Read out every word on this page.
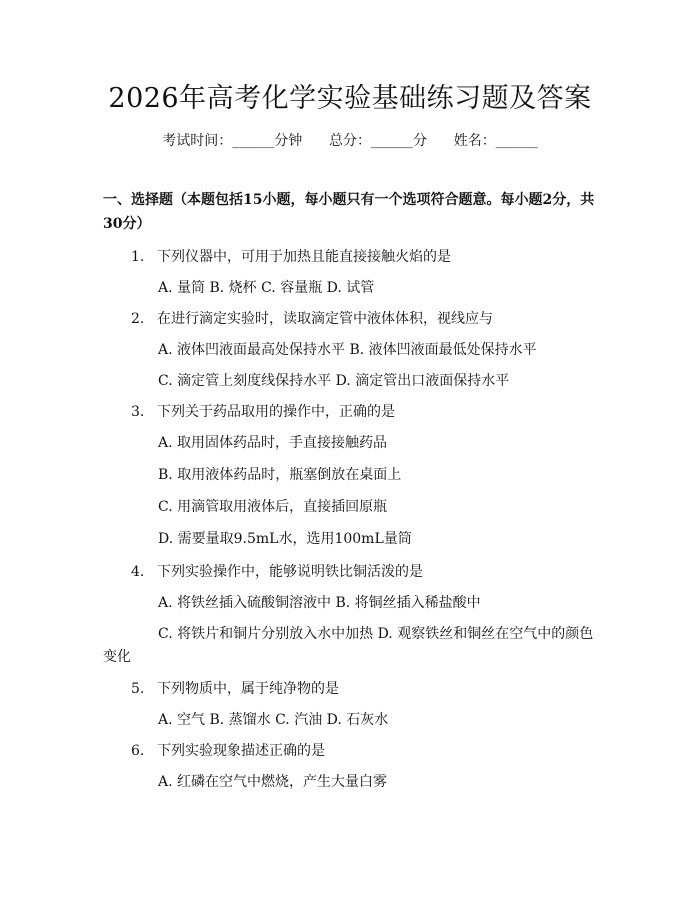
2026年高考化学实验基础练习题及答案
考试时间：______分钟      总分：______分      姓名：______
一、选择题（本题包括15小题，每小题只有一个选项符合题意。每小题2分，共30分）
1. 下列仪器中，可用于加热且能直接接触火焰的是
A. 量筒 B. 烧杯 C. 容量瓶 D. 试管
2. 在进行滴定实验时，读取滴定管中液体体积，视线应与
A. 液体凹液面最高处保持水平 B. 液体凹液面最低处保持水平
C. 滴定管上刻度线保持水平 D. 滴定管出口液面保持水平
3. 下列关于药品取用的操作中，正确的是
A. 取用固体药品时，手直接接触药品
B. 取用液体药品时，瓶塞倒放在桌面上
C. 用滴管取用液体后，直接插回原瓶
D. 需要量取9.5mL水，选用100mL量筒
4. 下列实验操作中，能够说明铁比铜活泼的是
A. 将铁丝插入硫酸铜溶液中 B. 将铜丝插入稀盐酸中
C. 将铁片和铜片分别放入水中加热 D. 观察铁丝和铜丝在空气中的颜色
变化
5. 下列物质中，属于纯净物的是
A. 空气 B. 蒸馏水 C. 汽油 D. 石灰水
6. 下列实验现象描述正确的是
A. 红磷在空气中燃烧，产生大量白雾
